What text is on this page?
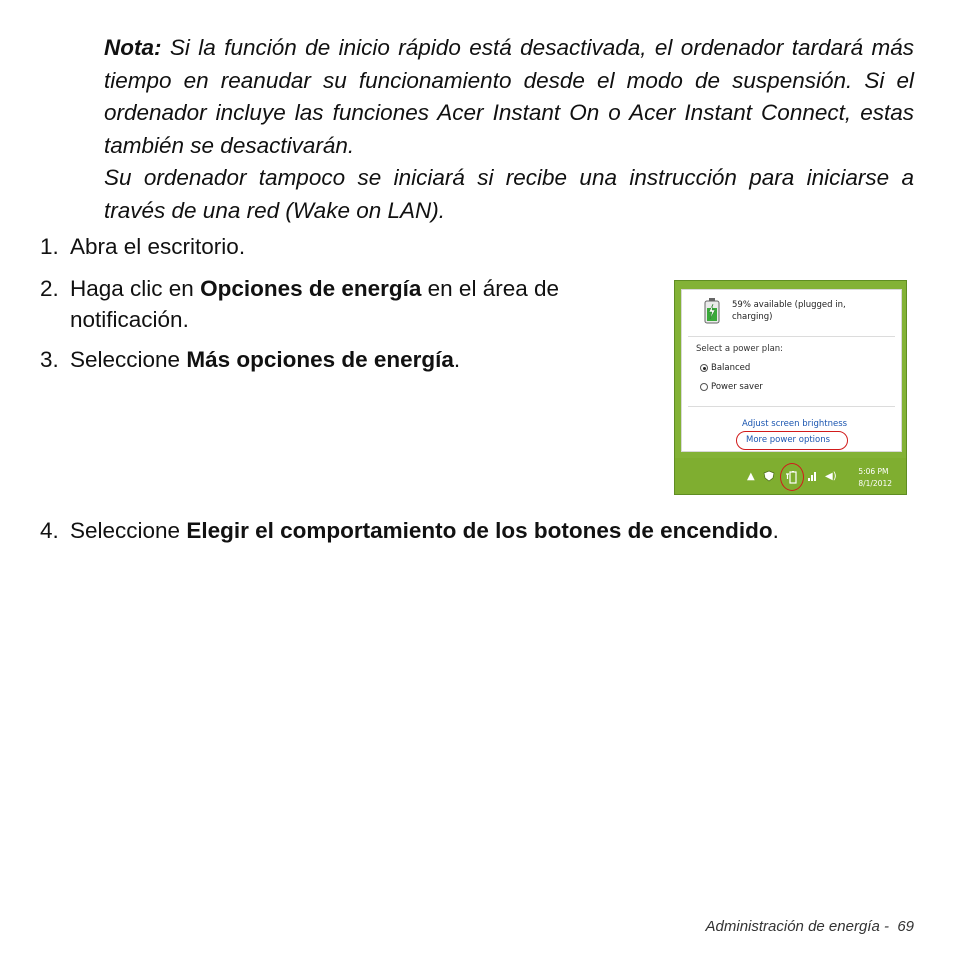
Nota: Si la función de inicio rápido está desactivada, el ordenador tardará más tiempo en reanudar su funcionamiento desde el modo de suspensión. Si el ordenador incluye las funciones Acer Instant On o Acer Instant Connect, estas también se desactivarán.

Su ordenador tampoco se iniciará si recibe una instrucción para iniciarse a través de una red (Wake on LAN).

1. Abra el escritorio.
2. Haga clic en Opciones de energía en el área de notificación.
3. Seleccione Más opciones de energía.
59% available (plugged in,
charging)
Select a power plan:
Balanced
Power saver
Adjust screen brightness
More power options
▲	◀)	5:06 PM
8/1/2012
4. Seleccione Elegir el comportamiento de los botones de encendido.
Administración de energía - 69
